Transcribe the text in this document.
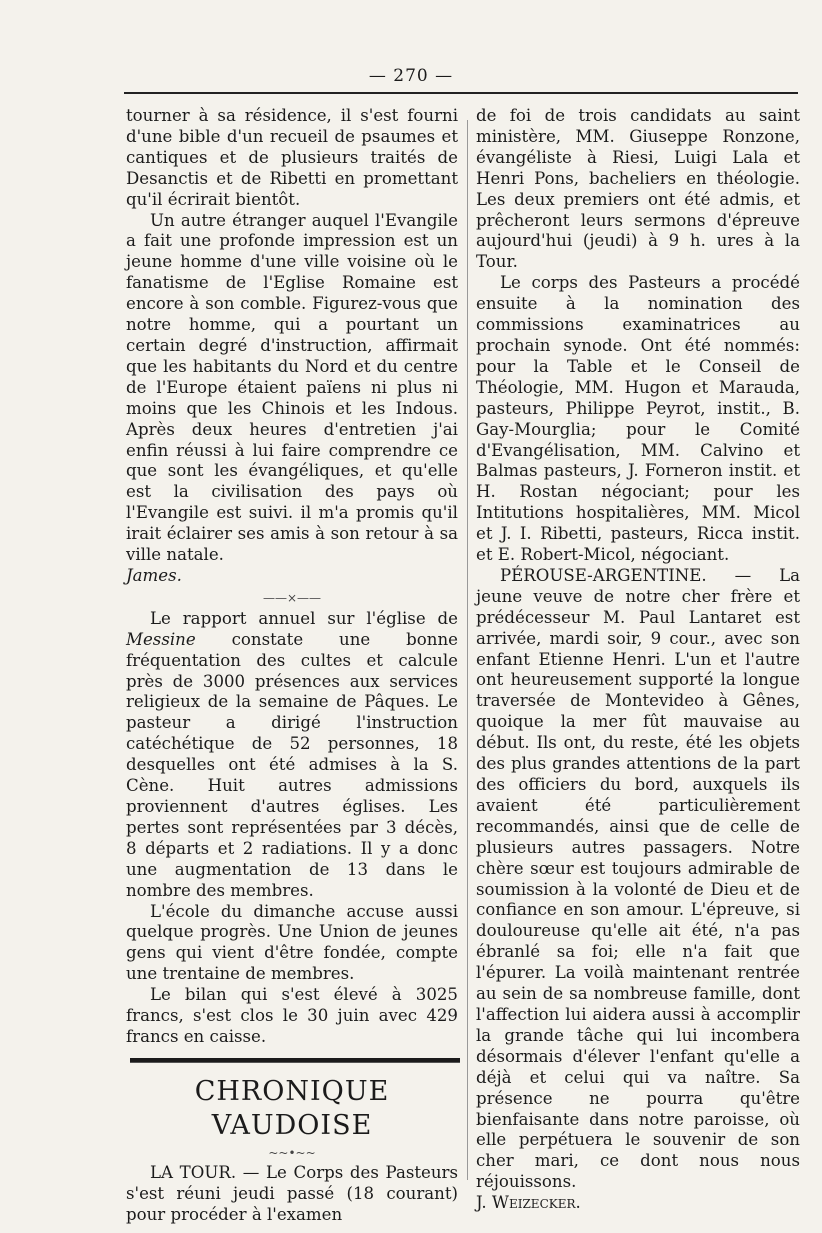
— 270 —

tourner à sa résidence, il s'est fourni d'une bible d'un recueil de psaumes et cantiques et de plusieurs traités de Desanctis et de Ribetti en promettant qu'il écrirait bientôt.

Un autre étranger auquel l'Evangile a fait une profonde impression est un jeune homme d'une ville voisine où le fanatisme de l'Eglise Romaine est encore à son comble. Figurez-vous que notre homme, qui a pourtant un certain degré d'instruction, affirmait que les habitants du Nord et du centre de l'Europe étaient païens ni plus ni moins que les Chinois et les Indous. Après deux heures d'entretien j'ai enfin réussi à lui faire comprendre ce que sont les évangéliques, et qu'elle est la civilisation des pays où l'Evangile est suivi. il m'a promis qu'il irait éclairer ses amis à son retour à sa ville natale.

James.

——×——

Le rapport annuel sur l'église de Messine constate une bonne fréquentation des cultes et calcule près de 3000 présences aux services religieux de la semaine de Pâques. Le pasteur a dirigé l'instruction catéchétique de 52 personnes, 18 desquelles ont été admises à la S. Cène. Huit autres admissions proviennent d'autres églises. Les pertes sont représentées par 3 décès, 8 départs et 2 radiations. Il y a donc une augmentation de 13 dans le nombre des membres.

L'école du dimanche accuse aussi quelque progrès. Une Union de jeunes gens qui vient d'être fondée, compte une trentaine de membres.

Le bilan qui s'est élevé à 3025 francs, s'est clos le 30 juin avec 429 francs en caisse.

CHRONIQUE VAUDOISE
~~•~~

LA TOUR. — Le Corps des Pasteurs s'est réuni jeudi passé (18 courant) pour procéder à l'examen

de foi de trois candidats au saint ministère, MM. Giuseppe Ronzone, évangéliste à Riesi, Luigi Lala et Henri Pons, bacheliers en théologie. Les deux premiers ont été admis, et prêcheront leurs sermons d'épreuve aujourd'hui (jeudi) à 9 h. ures à la Tour.

Le corps des Pasteurs a procédé ensuite à la nomination des commissions examinatrices au prochain synode. Ont été nommés: pour la Table et le Conseil de Théologie, MM. Hugon et Marauda, pasteurs, Philippe Peyrot, instit., B. Gay-Mourglia; pour le Comité d'Evangélisation, MM. Calvino et Balmas pasteurs, J. Forneron instit. et H. Rostan négociant; pour les Intitutions hospitalières, MM. Micol et J. I. Ribetti, pasteurs, Ricca instit. et E. Robert-Micol, négociant.

PÉROUSE-ARGENTINE. — La jeune veuve de notre cher frère et prédécesseur M. Paul Lantaret est arrivée, mardi soir, 9 cour., avec son enfant Etienne Henri. L'un et l'autre ont heureusement supporté la longue traversée de Montevideo à Gênes, quoique la mer fût mauvaise au début. Ils ont, du reste, été les objets des plus grandes attentions de la part des officiers du bord, auxquels ils avaient été particulièrement recommandés, ainsi que de celle de plusieurs autres passagers. Notre chère sœur est toujours admirable de soumission à la volonté de Dieu et de confiance en son amour. L'épreuve, si douloureuse qu'elle ait été, n'a pas ébranlé sa foi; elle n'a fait que l'épurer. La voilà maintenant rentrée au sein de sa nombreuse famille, dont l'affection lui aidera aussi à accomplir la grande tâche qui lui incombera désormais d'élever l'enfant qu'elle a déjà et celui qui va naître. Sa présence ne pourra qu'être bienfaisante dans notre paroisse, où elle perpétuera le souvenir de son cher mari, ce dont nous nous réjouissons.

J. Weizecker.
